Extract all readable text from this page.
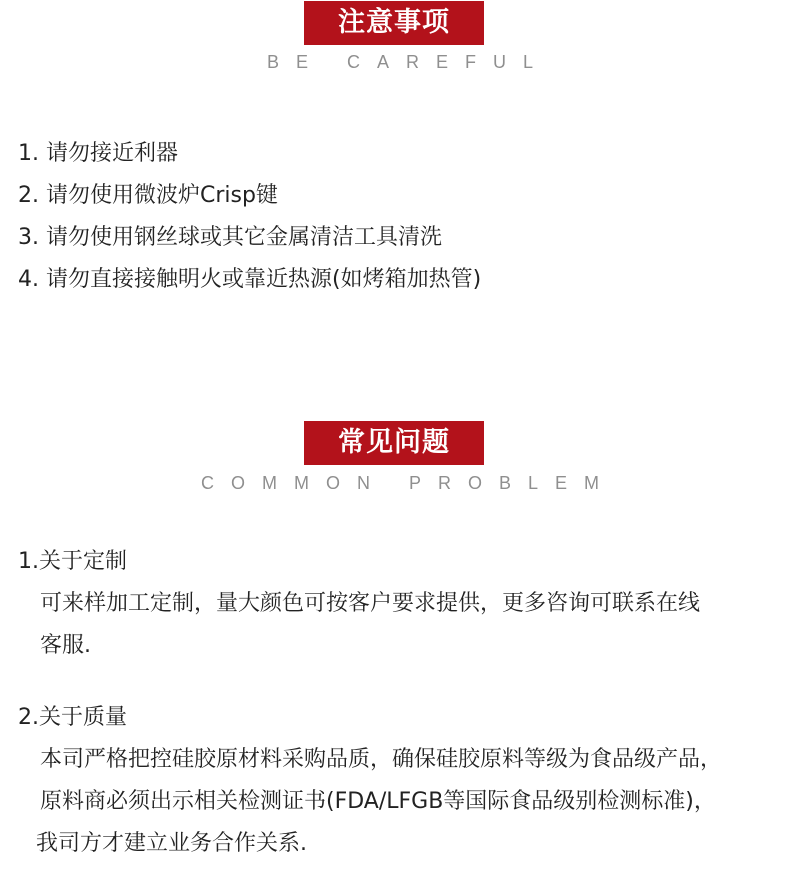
注意事项
BE CAREFUL
1. 请勿接近利器
2. 请勿使用微波炉Crisp键
3. 请勿使用钢丝球或其它金属清洁工具清洗
4. 请勿直接接触明火或靠近热源(如烤箱加热管)
常见问题
COMMON PROBLEM
1.关于定制
可来样加工定制，量大颜色可按客户要求提供，更多咨询可联系在线
客服.
2.关于质量
本司严格把控硅胶原材料采购品质，确保硅胶原料等级为食品级产品，
原料商必须出示相关检测证书(FDA/LFGB等国际食品级别检测标准)，
我司方才建立业务合作关系.
